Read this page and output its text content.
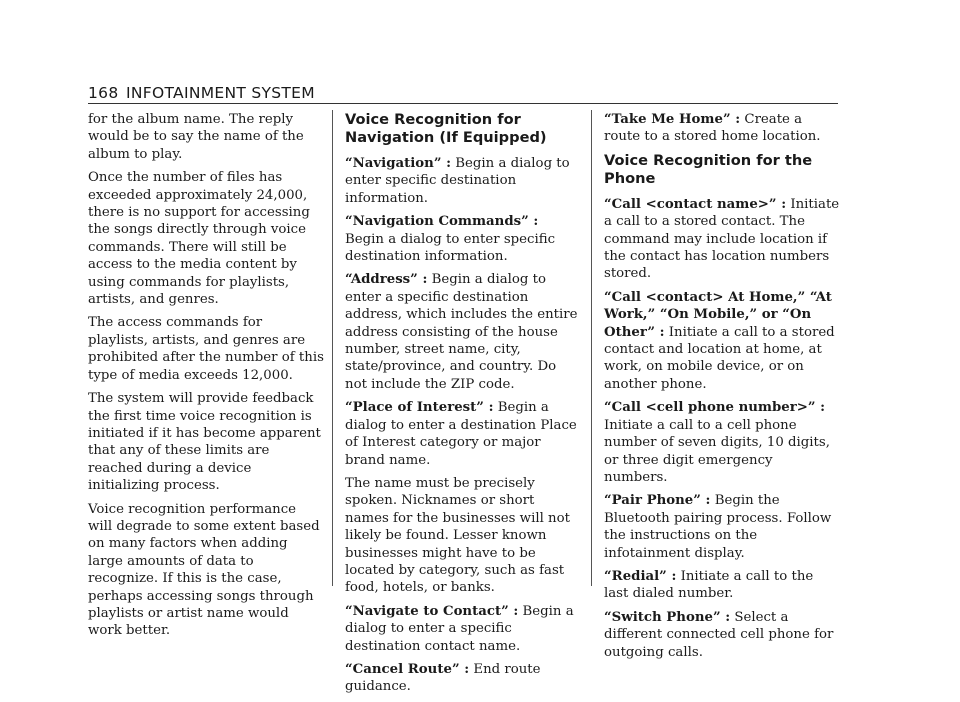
168 INFOTAINMENT SYSTEM

for the album name. The reply would be to say the name of the album to play.

Once the number of files has exceeded approximately 24,000, there is no support for accessing the songs directly through voice commands. There will still be access to the media content by using commands for playlists, artists, and genres.

The access commands for playlists, artists, and genres are prohibited after the number of this type of media exceeds 12,000.

The system will provide feedback the first time voice recognition is initiated if it has become apparent that any of these limits are reached during a device initializing process.

Voice recognition performance will degrade to some extent based on many factors when adding large amounts of data to recognize. If this is the case, perhaps accessing songs through playlists or artist name would work better.

Voice Recognition for Navigation (If Equipped)

“Navigation” : Begin a dialog to enter specific destination information.

“Navigation Commands” : Begin a dialog to enter specific destination information.

“Address” : Begin a dialog to enter a specific destination address, which includes the entire address consisting of the house number, street name, city, state/province, and country. Do not include the ZIP code.

“Place of Interest” : Begin a dialog to enter a destination Place of Interest category or major brand name.

The name must be precisely spoken. Nicknames or short names for the businesses will not likely be found. Lesser known businesses might have to be located by category, such as fast food, hotels, or banks.

“Navigate to Contact” : Begin a dialog to enter a specific destination contact name.

“Cancel Route” : End route guidance.

“Take Me Home” : Create a route to a stored home location.

Voice Recognition for the Phone

“Call <contact name>” : Initiate a call to a stored contact. The command may include location if the contact has location numbers stored.

“Call <contact> At Home,” “At Work,” “On Mobile,” or “On Other” : Initiate a call to a stored contact and location at home, at work, on mobile device, or on another phone.

“Call <cell phone number>” : Initiate a call to a cell phone number of seven digits, 10 digits, or three digit emergency numbers.

“Pair Phone” : Begin the Bluetooth pairing process. Follow the instructions on the infotainment display.

“Redial” : Initiate a call to the last dialed number.

“Switch Phone” : Select a different connected cell phone for outgoing calls.
